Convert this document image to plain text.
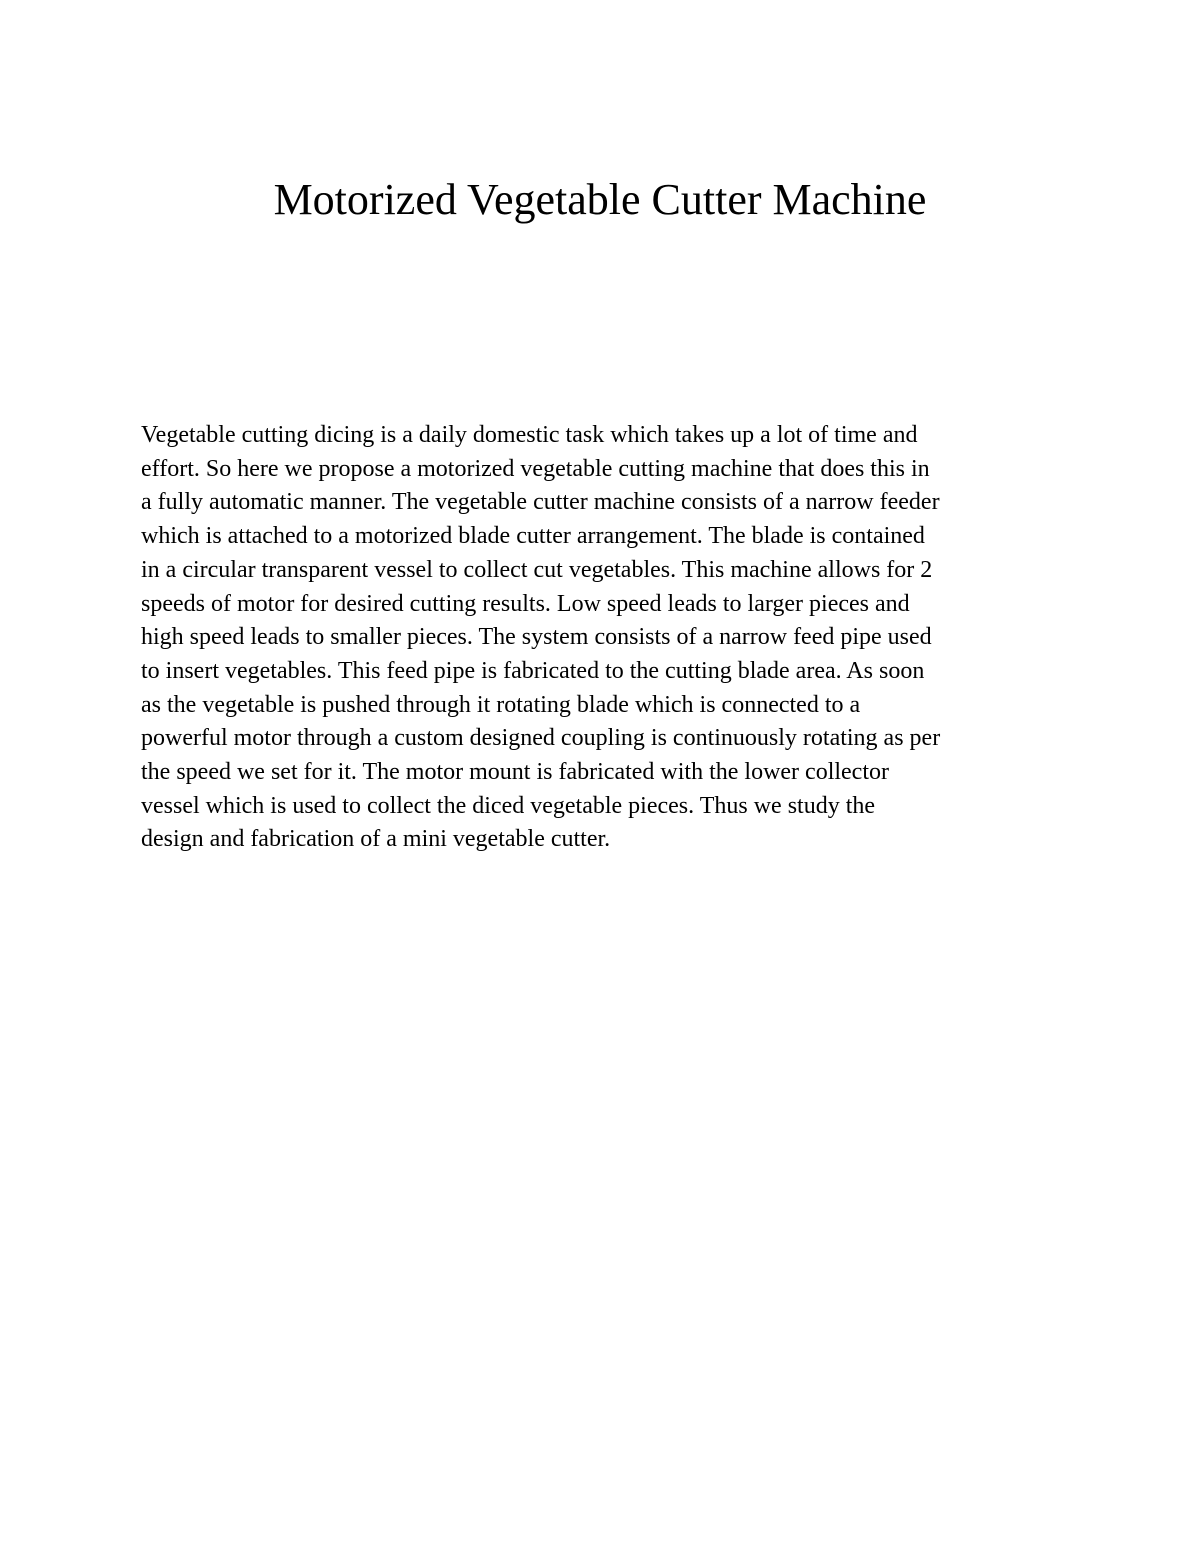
Motorized Vegetable Cutter Machine
Vegetable cutting dicing is a daily domestic task which takes up a lot of time and
effort. So here we propose a motorized vegetable cutting machine that does this in
a fully automatic manner. The vegetable cutter machine consists of a narrow feeder
which is attached to a motorized blade cutter arrangement. The blade is contained
in a circular transparent vessel to collect cut vegetables. This machine allows for 2
speeds of motor for desired cutting results. Low speed leads to larger pieces and
high speed leads to smaller pieces. The system consists of a narrow feed pipe used
to insert vegetables. This feed pipe is fabricated to the cutting blade area. As soon
as the vegetable is pushed through it rotating blade which is connected to a
powerful motor through a custom designed coupling is continuously rotating as per
the speed we set for it. The motor mount is fabricated with the lower collector
vessel which is used to collect the diced vegetable pieces. Thus we study the
design and fabrication of a mini vegetable cutter.
